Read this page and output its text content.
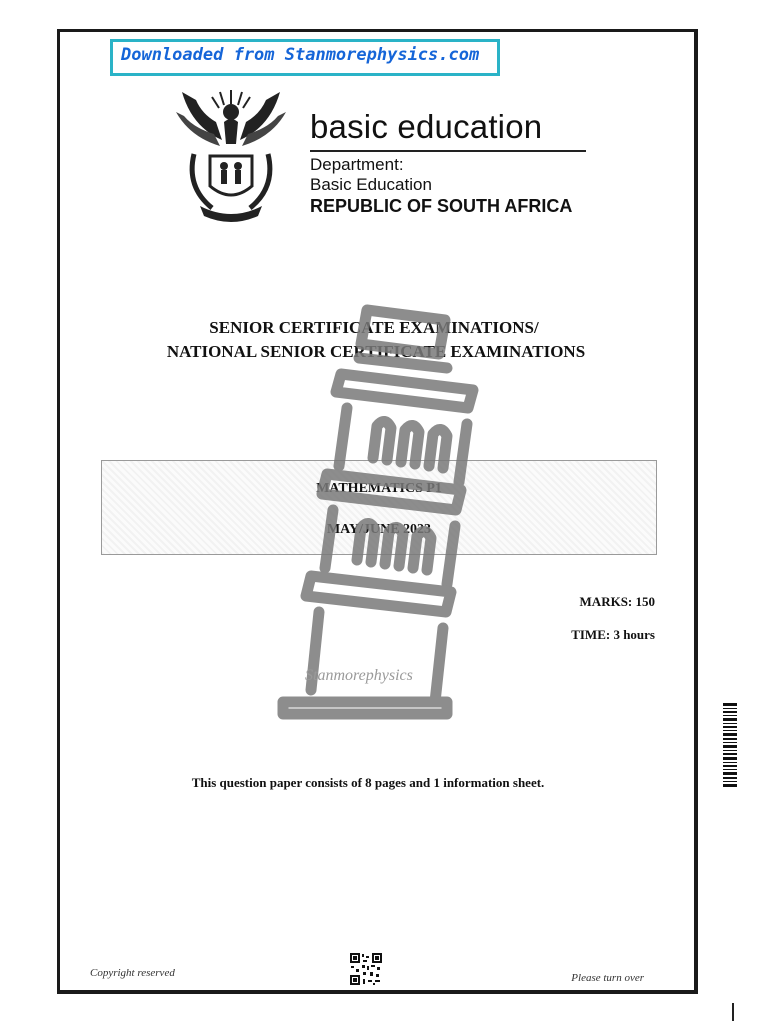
Downloaded from Stanmorephysics.com
basic education
Department:
Basic Education
REPUBLIC OF SOUTH AFRICA
SENIOR CERTIFICATE EXAMINATIONS/
NATIONAL SENIOR CERTIFICATE EXAMINATIONS
MATHEMATICS P1
MAY/JUNE 2023
MARKS: 150
TIME: 3 hours
Stanmorephysics
This question paper consists of 8 pages and 1 information sheet.
Copyright reserved	Please turn over
